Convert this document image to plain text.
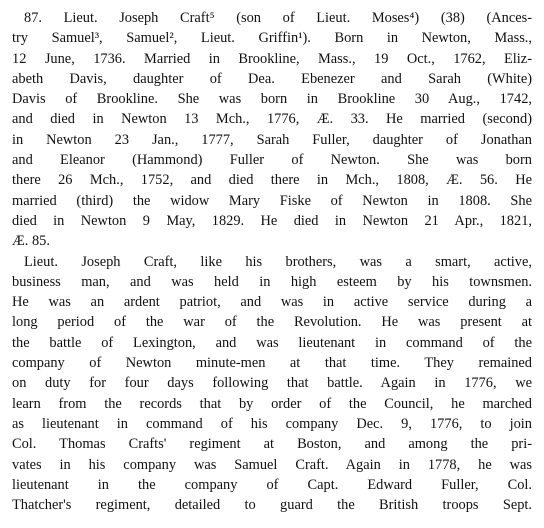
87. Lieut. Joseph Craft⁵ (son of Lieut. Moses⁴) (38) (Ances-
try Samuel³, Samuel², Lieut. Griffin¹). Born in Newton, Mass.,
12 June, 1736. Married in Brookline, Mass., 19 Oct., 1762, Eliz-
abeth Davis, daughter of Dea. Ebenezer and Sarah (White)
Davis of Brookline. She was born in Brookline 30 Aug., 1742,
and died in Newton 13 Mch., 1776, Æ. 33. He married (second)
in Newton 23 Jan., 1777, Sarah Fuller, daughter of Jonathan
and Eleanor (Hammond) Fuller of Newton. She was born
there 26 Mch., 1752, and died there in Mch., 1808, Æ. 56. He
married (third) the widow Mary Fiske of Newton in 1808. She
died in Newton 9 May, 1829. He died in Newton 21 Apr., 1821,
Æ. 85.
Lieut. Joseph Craft, like his brothers, was a smart, active,
business man, and was held in high esteem by his townsmen.
He was an ardent patriot, and was in active service during a
long period of the war of the Revolution. He was present at
the battle of Lexington, and was lieutenant in command of the
company of Newton minute-men at that time. They remained
on duty for four days following that battle. Again in 1776, we
learn from the records that by order of the Council, he marched
as lieutenant in command of his company Dec. 9, 1776, to join
Col. Thomas Crafts' regiment at Boston, and among the pri-
vates in his company was Samuel Craft. Again in 1778, he was
lieutenant in the company of Capt. Edward Fuller, Col.
Thatcher's regiment, detailed to guard the British troops Sept.
